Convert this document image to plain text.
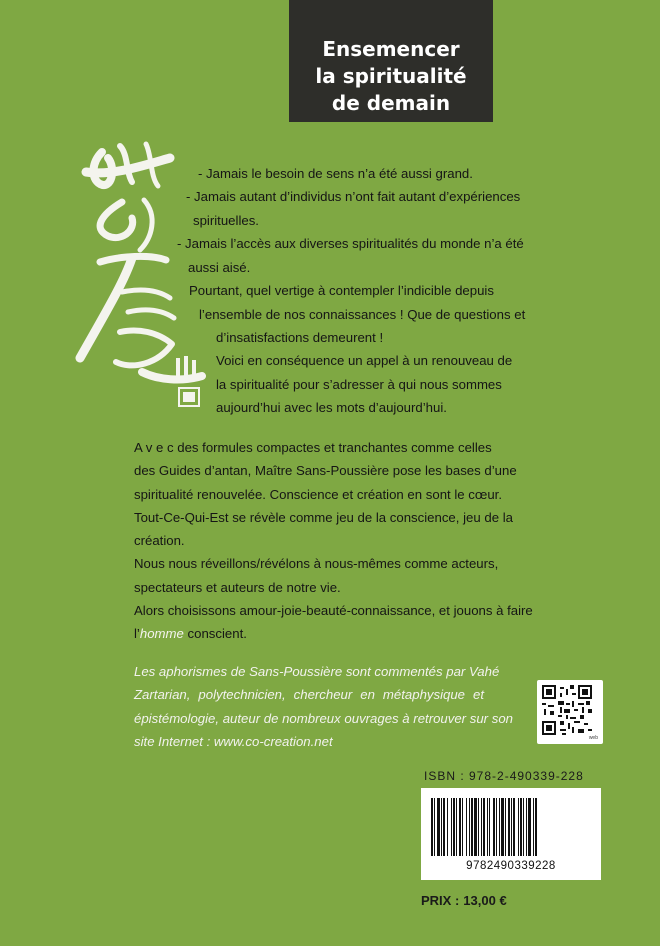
Ensemencer
la spiritualité
de demain
- Jamais le besoin de sens n’a été aussi grand.
- Jamais autant d’individus n’ont fait autant d’expériences
spirituelles.
- Jamais l’accès aux diverses spiritualités du monde n’a été
aussi aisé.
Pourtant, quel vertige à contempler l’indicible depuis
l’ensemble de nos connaissances ! Que de questions et
d’insatisfactions demeurent !
Voici en conséquence un appel à un renouveau de
la spiritualité pour s’adresser à qui nous sommes
aujourd’hui avec les mots d’aujourd’hui.
A v e c des formules compactes et tranchantes comme celles
des Guides d’antan, Maître Sans-Poussière pose les bases d’une
spiritualité renouvelée. Conscience et création en sont le cœur.
Tout-Ce-Qui-Est se révèle comme jeu de la conscience, jeu de la
création.
Nous nous réveillons/révélons à nous-mêmes comme acteurs,
spectateurs et auteurs de notre vie.
Alors choisissons amour-joie-beauté-connaissance, et jouons à faire
l’homme conscient.
Les aphorismes de Sans-Poussière sont commentés par Vahé
Zartarian, polytechnicien, chercheur en métaphysique et
épistémologie, auteur de nombreux ouvrages à retrouver sur son
site Internet : www.co-creation.net	web
ISBN : 978-2-490339-228
9782490339228
PRIX : 13,00 €
